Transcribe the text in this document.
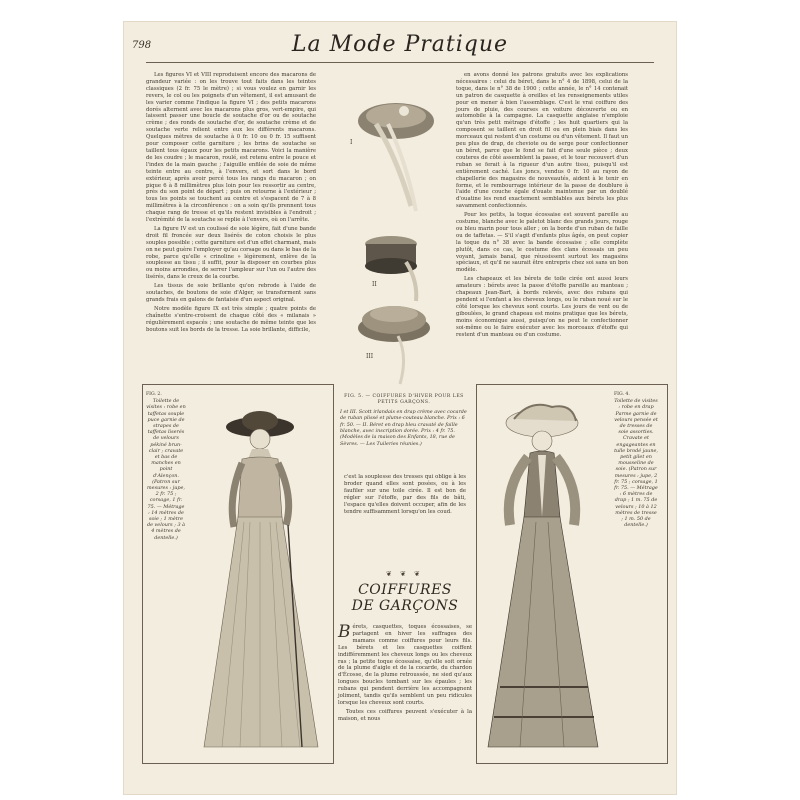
798	La Mode Pratique

Les figures VI et VIII reproduisent encore des macarons de grandeur variée : on les trouve tout faits dans les teintes classiques (2 fr. 75 le mètre) ; si vous voulez en garnir les revers, le col ou les poignets d'un vêtement, il est amusant de les varier comme l'indique la figure VI ; des petits macarons dorés alternent avec les macarons plus gros, vert-empire, qui laissent passer une boucle de soutache d'or ou de soutache crème ; des ronds de soutache d'or, de soutache crème et de soutache verte relient entre eux les différents macarons. Quelques mètres de soutache à 0 fr. 10 ou 0 fr. 15 suffisent pour composer cette garniture ; les brins de soutache se taillent tous égaux pour les petits macarons. Voici la manière de les coudre ; le macaron, roulé, est retenu entre le pouce et l'index de la main gauche ; l'aiguille enfilée de soie de même teinte entre au centre, à l'envers, et sort dans le bord extérieur, après avoir percé tous les rangs du macaron ; on pique 6 à 8 millimètres plus loin pour les ressortir au centre, près du son point de départ ; puis on retourne à l'extérieur ; tous les points se touchent au centre et s'espacent de 7 à 8 millimètres à la circonférence : on a soin qu'ils prennent tous chaque rang de tresse et qu'ils restent invisibles à l'endroit ; l'extrémité de la soutache se replie à l'envers, où on l'arrête.

La figure IV est un coulissé de soie légère, fait d'une bande droit fil froncée sur deux lisérés de coton choisis le plus souples possible ; cette garniture est d'un effet charmant, mais on ne peut guère l'employer qu'au corsage ou dans le bas de la robe, parce qu'elle « crinoline » légèrement, enlève de la souplesse au tissu ; il suffit, pour la disposer en courbes plus ou moins arrondies, de serrer l'ampleur sur l'un ou l'autre des lisérés, dans le creux de la courbe.

Les tissus de soie brillante qu'on rebrode à l'aide de soutaches, de boutons de soie d'Alger, se transforment sans grands frais en galons de fantaisie d'un aspect original.

Notre modèle figure IX est très simple ; quatre points de chaînette s'entre-croisent de chaque côté des « milanais » régulièrement espacés ; une soutache de même teinte que les boutons suit les bords de la tresse. La soie brillante, difficile,

I
II
III
FIG. 5. — COIFFURES D'HIVER POUR LES PETITS GARÇONS.
I et III. Scott irlandais en drap crème avec cocarde de ruban plissé et plume-couteau blanche. Prix : 6 fr. 50. — II. Béret en drap bleu cravaté de faille blanche, avec inscription dorée. Prix : 4 fr. 75. (Modèles de la maison des Enfants, 18, rue de Sèvres. — Les Tuileries réunies.)

en avons donné les patrons gratuits avec les explications nécessaires : celui du béret, dans le n° 4 de 1898, celui de la toque, dans le n° 38 de 1900 ; cette année, le n° 14 contenait un patron de casquette à oreilles et les renseignements utiles pour en mener à bien l'assemblage. C'est le vrai coiffure des jours de pluie, des courses en voiture découverte ou en automobile à la campagne. La casquette anglaise n'emploie qu'un très petit métrage d'étoffe ; les huit quartiers qui la composent se taillent en droit fil ou en plein biais dans les morceaux qui restent d'un costume ou d'un vêtement. Il faut un peu plus de drap, de cheviote ou de serge pour confectionner un béret, parce que le fond se fait d'une seule pièce ; deux couteres de côté assemblent la passe, et le tour recouvert d'un ruban se ferait à la rigueur d'un autre tissu, puisqu'il est entièrement caché. Les joncs, vendus 0 fr. 10 au rayon de chapellerie des magasins de nouveautés, aident à le tenir en forme, et le rembourrage intérieur de la passe de doublure à l'aide d'une couche égale d'ouate maintenue par un doublé d'ouatine les rend exactement semblables aux bérets les plus savamment confectionnés.

Pour les petits, la toque écossaise est souvent pareille au costume, blanche avec le paletot blanc des grands jours, rouge ou bleu marin pour tous aller ; on la borde d'un ruban de faille ou de taffetas. — S'il s'agit d'enfants plus âgés, on peut copier la toque du n° 38 avec la bande écossaise ; elle complète plutôt, dans ce cas, le costume des clans écossais un peu voyant, jamais banal, que réussissent surtout les magasins spéciaux, et qu'il ne saurait être entrepris chez soi sans un bon modèle.

Les chapeaux et les bérets de toile cirée ont aussi leurs amateurs : bérets avec la passe d'étoffe pareille au manteau ; chapeaux Jean-Bart, à bords relevés, avec des rubans qui pendent si l'enfant a les cheveux longs, ou le ruban noué sur le côté lorsque les cheveux sont courts. Les jours de vent ou de giboulées, le grand chapeau est moins pratique que les bérets, moins économique aussi, puisqu'on ne peut le confectionner soi-même ou le faire exécuter avec les morceaux d'étoffe qui restent d'un manteau ou d'un costume.

FIG. 2.
Toilette de visites : robe en taffetas souple puce garnie de strapes de taffetas liserés de velours pékiné brun-clair ; cravate et bas de manches en point d'Alençon. (Patron sur mesures : jupe, 2 fr. 75 ; corsage, 1 fr. 75. — Métrage : 14 mètres de soie ; 1 mètre de velours ; 3 à 4 mètres de dentelle.)
c'est la souplesse des tresses qui oblige à les broder quand elles sont posées, ou à les faufiler sur une toile cirée. Il est bon de régler sur l'étoffe, par des fils de bâti, l'espace qu'elles doivent occuper, afin de les tendre suffisamment lorsqu'on les coud.
❦ ❦ ❦
COIFFURES
DE GARÇONS

Bérets, casquettes, toques écossaises, se partagent en hiver les suffrages des mamans comme coiffures pour leurs fils. Les bérets et les casquettes coiffent indifféremment les cheveux longs ou les cheveux ras ; la petite toque écossaise, qu'elle soit ornée de la plume d'aigle et de la cocarde, du chardon d'Écosse, de la plume retroussée, ne sied qu'aux longues boucles tombant sur les épaules ; les rubans qui pendent derrière les accompagnent joliment, tandis qu'ils semblent un peu ridicules lorsque les cheveux sont courts.

Toutes ces coiffures peuvent s'exécuter à la maison, et nous

FIG. 4.
Toilette de visites : robe en drap Parme garnie de velours pensée et de tresses de soie assorties. Cravate et engageantes en tulle brodé jaune, petit gilet en mousseline de soie. (Patron sur mesures : jupe, 2 fr. 75 ; corsage, 1 fr. 75. — Métrage : 6 mètres de drap ; 1 m. 75 de velours ; 10 à 12 mètres de tresse ; 1 m. 50 de dentelle.)
